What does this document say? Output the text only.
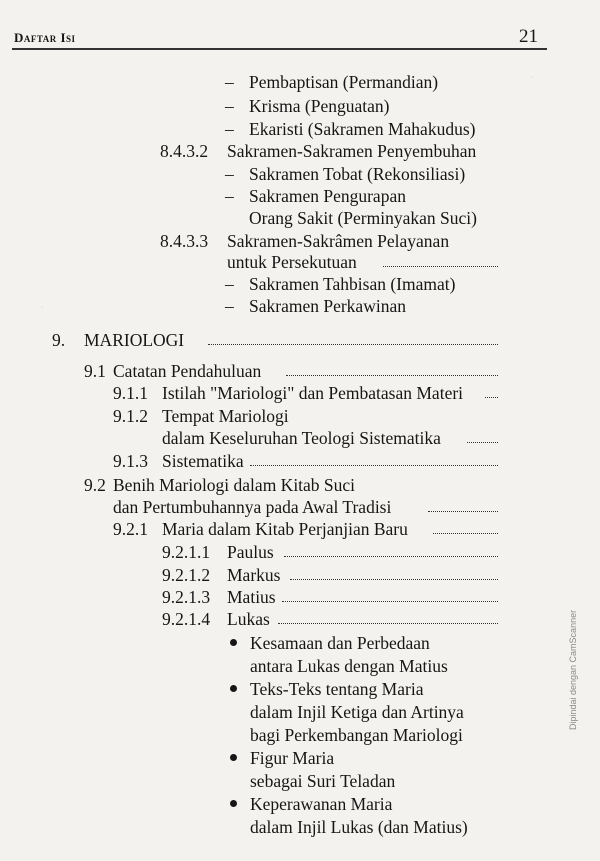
Daftar Isi	21
·
·
– Pembaptisan (Permandian)
– Krisma (Penguatan)
– Ekaristi (Sakramen Mahakudus)
8.4.3.2 Sakramen-Sakramen Penyembuhan
– Sakramen Tobat (Rekonsiliasi)
– Sakramen Pengurapan
Orang Sakit (Perminyakan Suci)
8.4.3.3 Sakramen-Sakrâmen Pelayanan
untuk Persekutuan
– Sakramen Tahbisan (Imamat)
– Sakramen Perkawinan
9. MARIOLOGI
9.1 Catatan Pendahuluan
9.1.1 Istilah "Mariologi" dan Pembatasan Materi
9.1.2 Tempat Mariologi
dalam Keseluruhan Teologi Sistematika
9.1.3 Sistematika
9.2 Benih Mariologi dalam Kitab Suci
dan Pertumbuhannya pada Awal Tradisi
9.2.1 Maria dalam Kitab Perjanjian Baru
9.2.1.1 Paulus
9.2.1.2 Markus
9.2.1.3 Matius
9.2.1.4 Lukas
Kesamaan dan Perbedaan
antara Lukas dengan Matius
Teks-Teks tentang Maria
dalam Injil Ketiga dan Artinya
bagi Perkembangan Mariologi
Figur Maria
sebagai Suri Teladan
Keperawanan Maria
dalam Injil Lukas (dan Matius)
Dipindai dengan CamScanner
